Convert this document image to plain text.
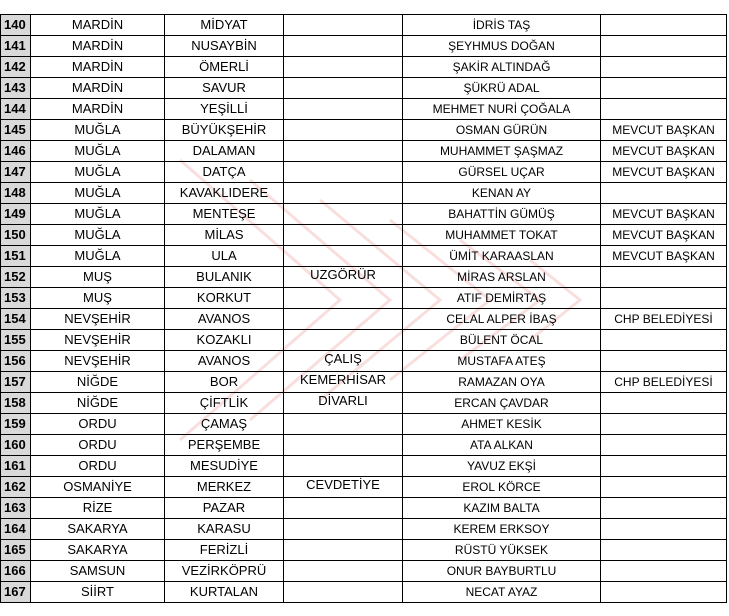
140	MARDİN	MİDYAT		İDRİS TAŞ	
141	MARDİN	NUSAYBİN		ŞEYHMUS DOĞAN	
142	MARDİN	ÖMERLİ		ŞAKİR ALTINDAĞ	
143	MARDİN	SAVUR		ŞÜKRÜ ADAL	
144	MARDİN	YEŞİLLİ		MEHMET NURİ ÇOĞALA	
145	MUĞLA	BÜYÜKŞEHİR		OSMAN GÜRÜN	MEVCUT BAŞKAN
146	MUĞLA	DALAMAN		MUHAMMET ŞAŞMAZ	MEVCUT BAŞKAN
147	MUĞLA	DATÇA		GÜRSEL UÇAR	MEVCUT BAŞKAN
148	MUĞLA	KAVAKLIDERE		KENAN AY	
149	MUĞLA	MENTEŞE		BAHATTİN GÜMÜŞ	MEVCUT BAŞKAN
150	MUĞLA	MİLAS		MUHAMMET TOKAT	MEVCUT BAŞKAN
151	MUĞLA	ULA		ÜMİT KARAASLAN	MEVCUT BAŞKAN
152	MUŞ	BULANIK	UZGÖRÜR	MİRAS ARSLAN	
153	MUŞ	KORKUT		ATIF DEMİRTAŞ	
154	NEVŞEHİR	AVANOS		CELAL ALPER İBAŞ	CHP BELEDİYESİ
155	NEVŞEHİR	KOZAKLI		BÜLENT ÖCAL	
156	NEVŞEHİR	AVANOS	ÇALIŞ	MUSTAFA ATEŞ	
157	NİĞDE	BOR	KEMERHİSAR	RAMAZAN OYA	CHP BELEDİYESİ
158	NİĞDE	ÇİFTLİK	DİVARLI	ERCAN ÇAVDAR	
159	ORDU	ÇAMAŞ		AHMET KESİK	
160	ORDU	PERŞEMBE		ATA ALKAN	
161	ORDU	MESUDİYE		YAVUZ EKŞİ	
162	OSMANİYE	MERKEZ	CEVDETİYE	EROL KÖRCE	
163	RİZE	PAZAR		KAZIM BALTA	
164	SAKARYA	KARASU		KEREM ERKSOY	
165	SAKARYA	FERİZLİ		RÜSTÜ YÜKSEK	
166	SAMSUN	VEZİRKÖPRÜ		ONUR BAYBURTLU	
167	SİİRT	KURTALAN		NECAT AYAZ	
